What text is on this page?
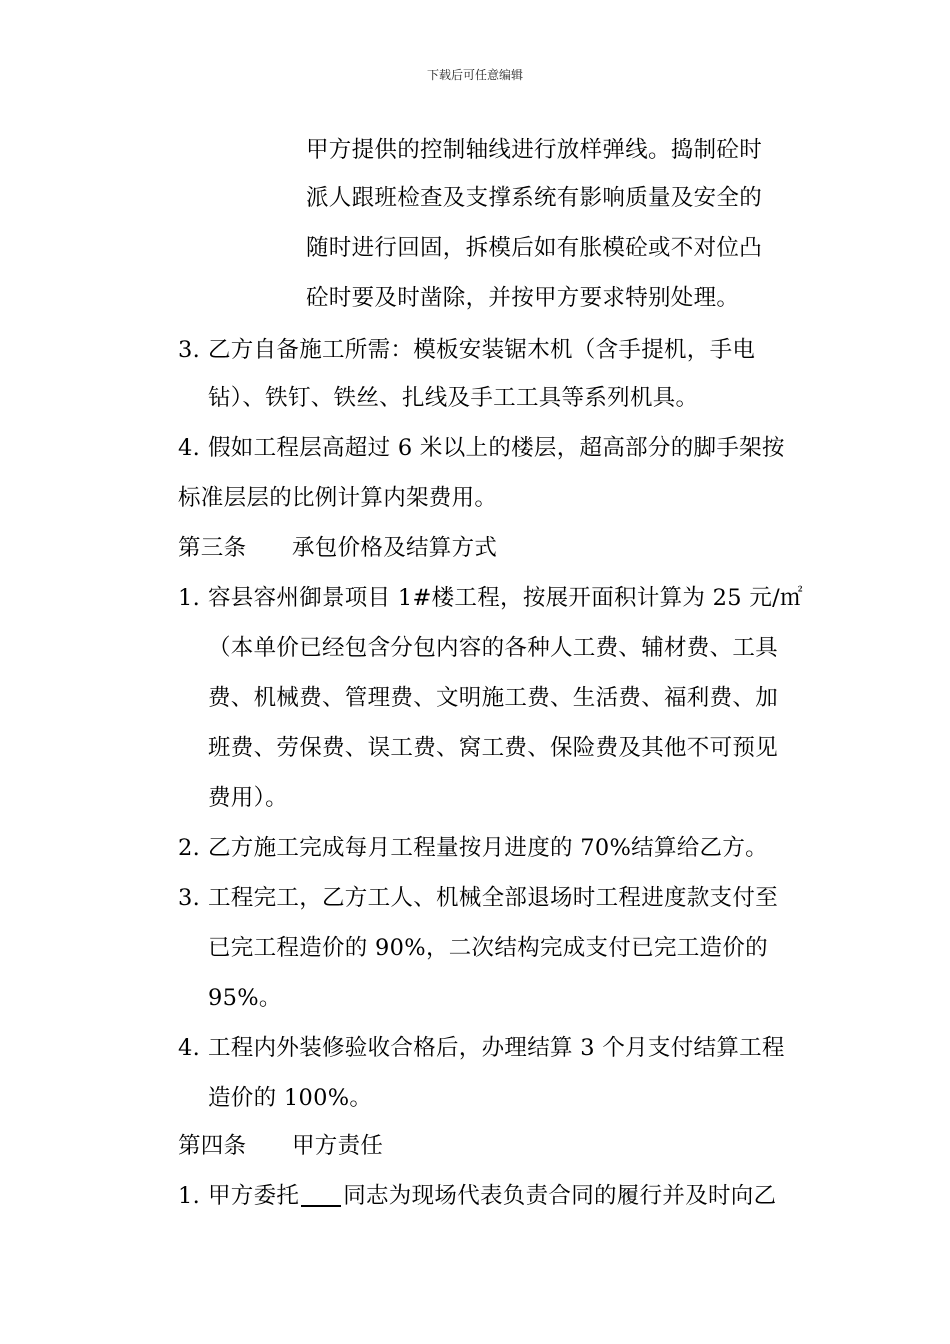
下载后可任意编辑
甲方提供的控制轴线进行放样弹线。捣制砼时
派人跟班检查及支撑系统有影响质量及安全的
随时进行回固，拆模后如有胀模砼或不对位凸
砼时要及时凿除，并按甲方要求特别处理。
3. 乙方自备施工所需：模板安装锯木机（含手提机，手电
钻）、铁钉、铁丝、扎线及手工工具等系列机具。
4. 假如工程层高超过 6 米以上的楼层，超高部分的脚手架按
标准层层的比例计算内架费用。
第三条　　承包价格及结算方式
1. 容县容州御景项目 1#楼工程，按展开面积计算为 25 元/㎡
（本单价已经包含分包内容的各种人工费、辅材费、工具
费、机械费、管理费、文明施工费、生活费、福利费、加
班费、劳保费、误工费、窝工费、保险费及其他不可预见
费用）。
2. 乙方施工完成每月工程量按月进度的 70%结算给乙方。
3. 工程完工，乙方工人、机械全部退场时工程进度款支付至
已完工程造价的 90%，二次结构完成支付已完工造价的
95%。
4. 工程内外装修验收合格后，办理结算 3 个月支付结算工程
造价的 100%。
第四条　　甲方责任
1. 甲方委托 同志为现场代表负责合同的履行并及时向乙
